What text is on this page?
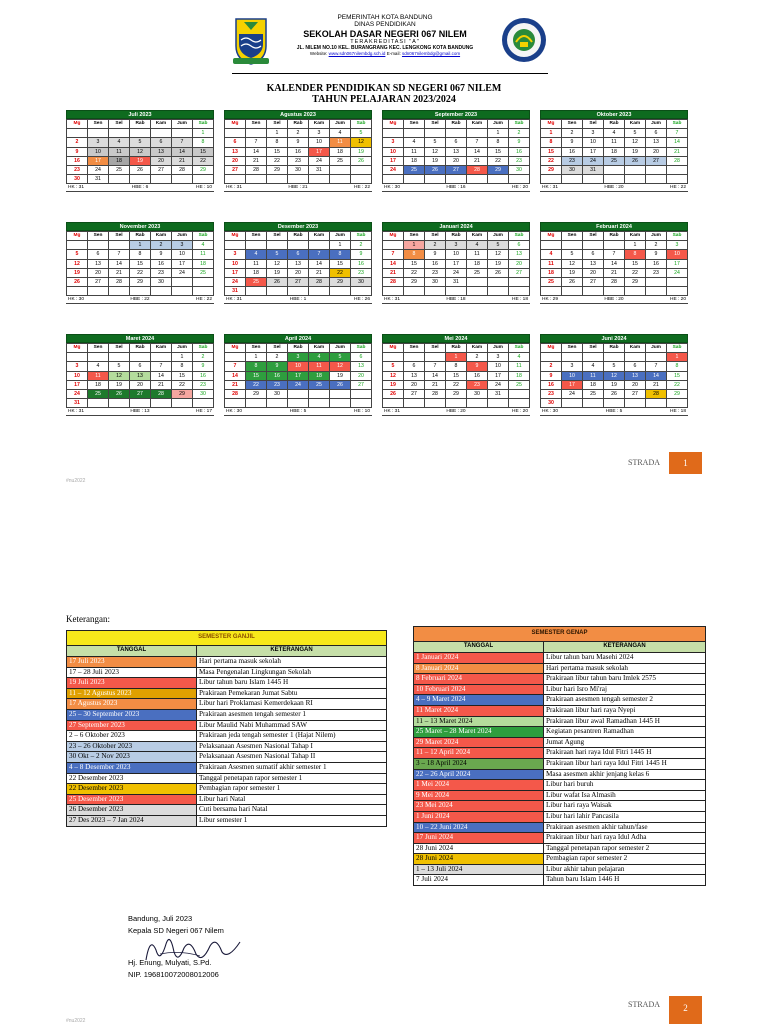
PEMERINTAH KOTA BANDUNG
DINAS PENDIDIKAN
SEKOLAH DASAR NEGERI 067 NILEM
TERAKREDITASI "A"
JL. NILEM NO.10 KEL. BURANGRANG KEC. LENGKONG KOTA BANDUNG
Website: www.sdn067nilembdg.sch.id E-mail: sdn067nilembdg@gmail.com
KALENDER PENDIDIKAN SD NEGERI 067 NILEM
TAHUN PELAJARAN 2023/2024
Juli 2023
Mg	Sen	Sel	Rab	Kam	Jum	Sab
						1
2	3	4	5	6	7	8
9	10	11	12	13	14	15
16	17	18	19	20	21	22
23	24	25	26	27	28	29
30	31					
HK : 31	HBE : 6	HE : 10
Agustus 2023
Mg	Sen	Sel	Rab	Kam	Jum	Sab
		1	2	3	4	5
6	7	8	9	10	11	12
13	14	15	16	17	18	19
20	21	22	23	24	25	26
27	28	29	30	31		

HK : 31	HBE : 21	HE : 22
September 2023
Mg	Sen	Sel	Rab	Kam	Jum	Sab
					1	2
3	4	5	6	7	8	9
10	11	12	13	14	15	16
17	18	19	20	21	22	23
24	25	26	27	28	29	30

HK : 30	HBE : 16	HE : 20
Oktober 2023
Mg	Sen	Sel	Rab	Kam	Jum	Sab
1	2	3	4	5	6	7
8	9	10	11	12	13	14
15	16	17	18	19	20	21
22	23	24	25	26	27	28
29	30	31				

HK : 31	HBE : 20	HE : 22
November 2023
Mg	Sen	Sel	Rab	Kam	Jum	Sab
			1	2	3	4
5	6	7	8	9	10	11
12	13	14	15	16	17	18
19	20	21	22	23	24	25
26	27	28	29	30		

HK : 30	HBE : 22	HE : 22
Desember 2023
Mg	Sen	Sel	Rab	Kam	Jum	Sab
					1	2
3	4	5	6	7	8	9
10	11	12	13	14	15	16
17	18	19	20	21	22	23
24	25	26	27	28	29	30
31						
HK : 31	HBE : 1	HE : 26
Januari 2024
Mg	Sen	Sel	Rab	Kam	Jum	Sab
	1	2	3	4	5	6
7	8	9	10	11	12	13
14	15	16	17	18	19	20
21	22	23	24	25	26	27
28	29	30	31			

HK : 31	HBE : 18	HE : 18
Februari 2024
Mg	Sen	Sel	Rab	Kam	Jum	Sab
				1	2	3
4	5	6	7	8	9	10
11	12	13	14	15	16	17
18	19	20	21	22	23	24
25	26	27	28	29		

HK : 29	HBE : 20	HE : 20
Maret 2024
Mg	Sen	Sel	Rab	Kam	Jum	Sab
					1	2
3	4	5	6	7	8	9
10	11	12	13	14	15	16
17	18	19	20	21	22	23
24	25	26	27	28	29	30
31						
HK : 31	HBE : 13	HE : 17
April 2024
Mg	Sen	Sel	Rab	Kam	Jum	Sab
	1	2	3	4	5	6
7	8	9	10	11	12	13
14	15	16	17	18	19	20
21	22	23	24	25	26	27
28	29	30				

HK : 30	HBE : 5	HE : 10
Mei 2024
Mg	Sen	Sel	Rab	Kam	Jum	Sab
			1	2	3	4
5	6	7	8	9	10	11
12	13	14	15	16	17	18
19	20	21	22	23	24	25
26	27	28	29	30	31	

HK : 31	HBE : 20	HE : 20
Juni 2024
Mg	Sen	Sel	Rab	Kam	Jum	Sab
						1
2	3	4	5	6	7	8
9	10	11	12	13	14	15
16	17	18	19	20	21	22
23	24	25	26	27	28	29
30						
HK : 30	HBE : 5	HE : 18
STRADA	1
#nu2022
Keterangan:
SEMESTER GANJIL	
TANGGAL	KETERANGAN
17 Juli 2023	Hari pertama masuk sekolah
17 – 28 Juli 2023	Masa Pengenalan Lingkungan Sekolah
19 Juli 2023	Libur tahun baru Islam 1445 H
11 – 12 Agustus 2023	Prakiraan Pemekaran Jumat Sabtu
17 Agustus 2023	Libur hari Proklamasi Kemerdekaan RI
25 – 30 September 2023	Prakiraan asesmen tengah semester 1
27 September 2023	Libur Maulid Nabi Muhammad SAW
2 – 6 Oktober 2023	Prakiraan jeda tengah semester 1 (Hajat Nilem)
23 – 26 Oktober 2023	Pelaksanaan Asesmen Nasional Tahap I
30 Okt – 2 Nov 2023	Pelaksanaan Asesmen Nasional Tahap II
4 – 8 Desember 2023	Prakiraan Asesmen sumatif akhir semester 1
22 Desember 2023	Tanggal penetapan rapor semester 1
22 Desember 2023	Pembagian rapor semester 1
25 Desember 2023	Libur hari Natal
26 Desember 2023	Cuti bersama hari Natal
27 Des 2023 – 7 Jan 2024	Libur semester 1
SEMESTER GENAP	
TANGGAL	KETERANGAN
1 Januari 2024	Libur tahun baru Masehi 2024
8 Januari 2024	Hari pertama masuk sekolah
8 Februari 2024	Prakiraan libur tahun baru Imlek 2575
10 Februari 2024	Libur hari Isro Mi'raj
4 – 9 Maret 2024	Prakiraan asesmen tengah semester 2
11 Maret 2024	Prakiraan libur hari raya Nyepi
11 – 13 Maret 2024	Prakiraan libur awal Ramadhan 1445 H
25 Maret – 28 Maret 2024	Kegiatan pesantren Ramadhan
29 Maret 2024	Jumat Agung
11 – 12 April 2024	Prakiraan hari raya Idul Fitri 1445 H
3 – 18 April 2024	Prakiraan libur hari raya Idul Fitri 1445 H
22 – 26 April 2024	Masa asesmen akhir jenjang kelas 6
1 Mei 2024	Libur hari buruh
9 Mei 2024	Libur wafat Isa Almasih
23 Mei 2024	Libur hari raya Waisak
1 Juni 2024	Libur hari lahir Pancasila
10 – 22 Juni 2024	Prakiraan asesmen akhir tahun/fase
17 Juni 2024	Prakiraan libur hari raya Idul Adha
28 Juni 2024	Tanggal penetapan rapor semester 2
28 Juni 2024	Pembagian rapor semester 2
1 – 13 Juli 2024	Libur akhir tahun pelajaran
7 Juli 2024	Tahun baru Islam 1446 H
Bandung, Juli 2023
Kepala SD Negeri 067 Nilem
Hj. Enung, Mulyati, S.Pd.
NIP. 196810072008012006
STRADA	2
#nu2022
